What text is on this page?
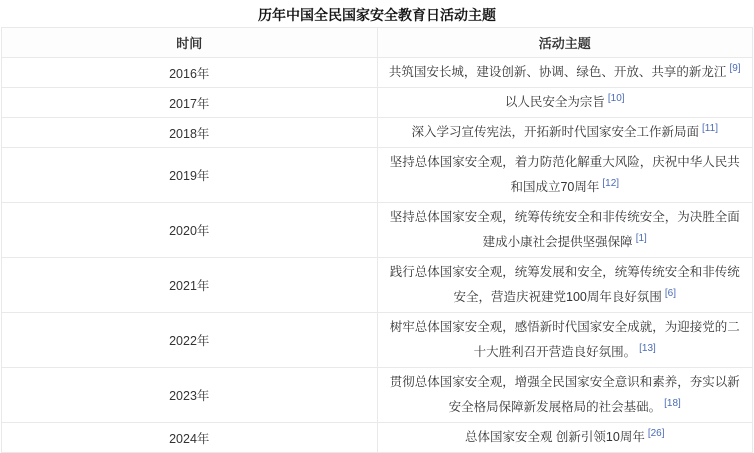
历年中国全民国家安全教育日活动主题
时间	活动主题
2016年	共筑国安长城，建设创新、协调、绿色、开放、共享的新龙江 [9]
2017年	以人民安全为宗旨 [10]
2018年	深入学习宣传宪法，开拓新时代国家安全工作新局面 [11]
2019年	坚持总体国家安全观，着力防范化解重大风险，庆祝中华人民共和国成立70周年 [12]
2020年	坚持总体国家安全观，统筹传统安全和非传统安全，为决胜全面建成小康社会提供坚强保障 [1]
2021年	践行总体国家安全观，统筹发展和安全，统筹传统安全和非传统安全，营造庆祝建党100周年良好氛围 [6]
2022年	树牢总体国家安全观，感悟新时代国家安全成就，为迎接党的二十大胜利召开营造良好氛围。 [13]
2023年	贯彻总体国家安全观，增强全民国家安全意识和素养，夯实以新安全格局保障新发展格局的社会基础。 [18]
2024年	总体国家安全观 创新引领10周年 [26]
